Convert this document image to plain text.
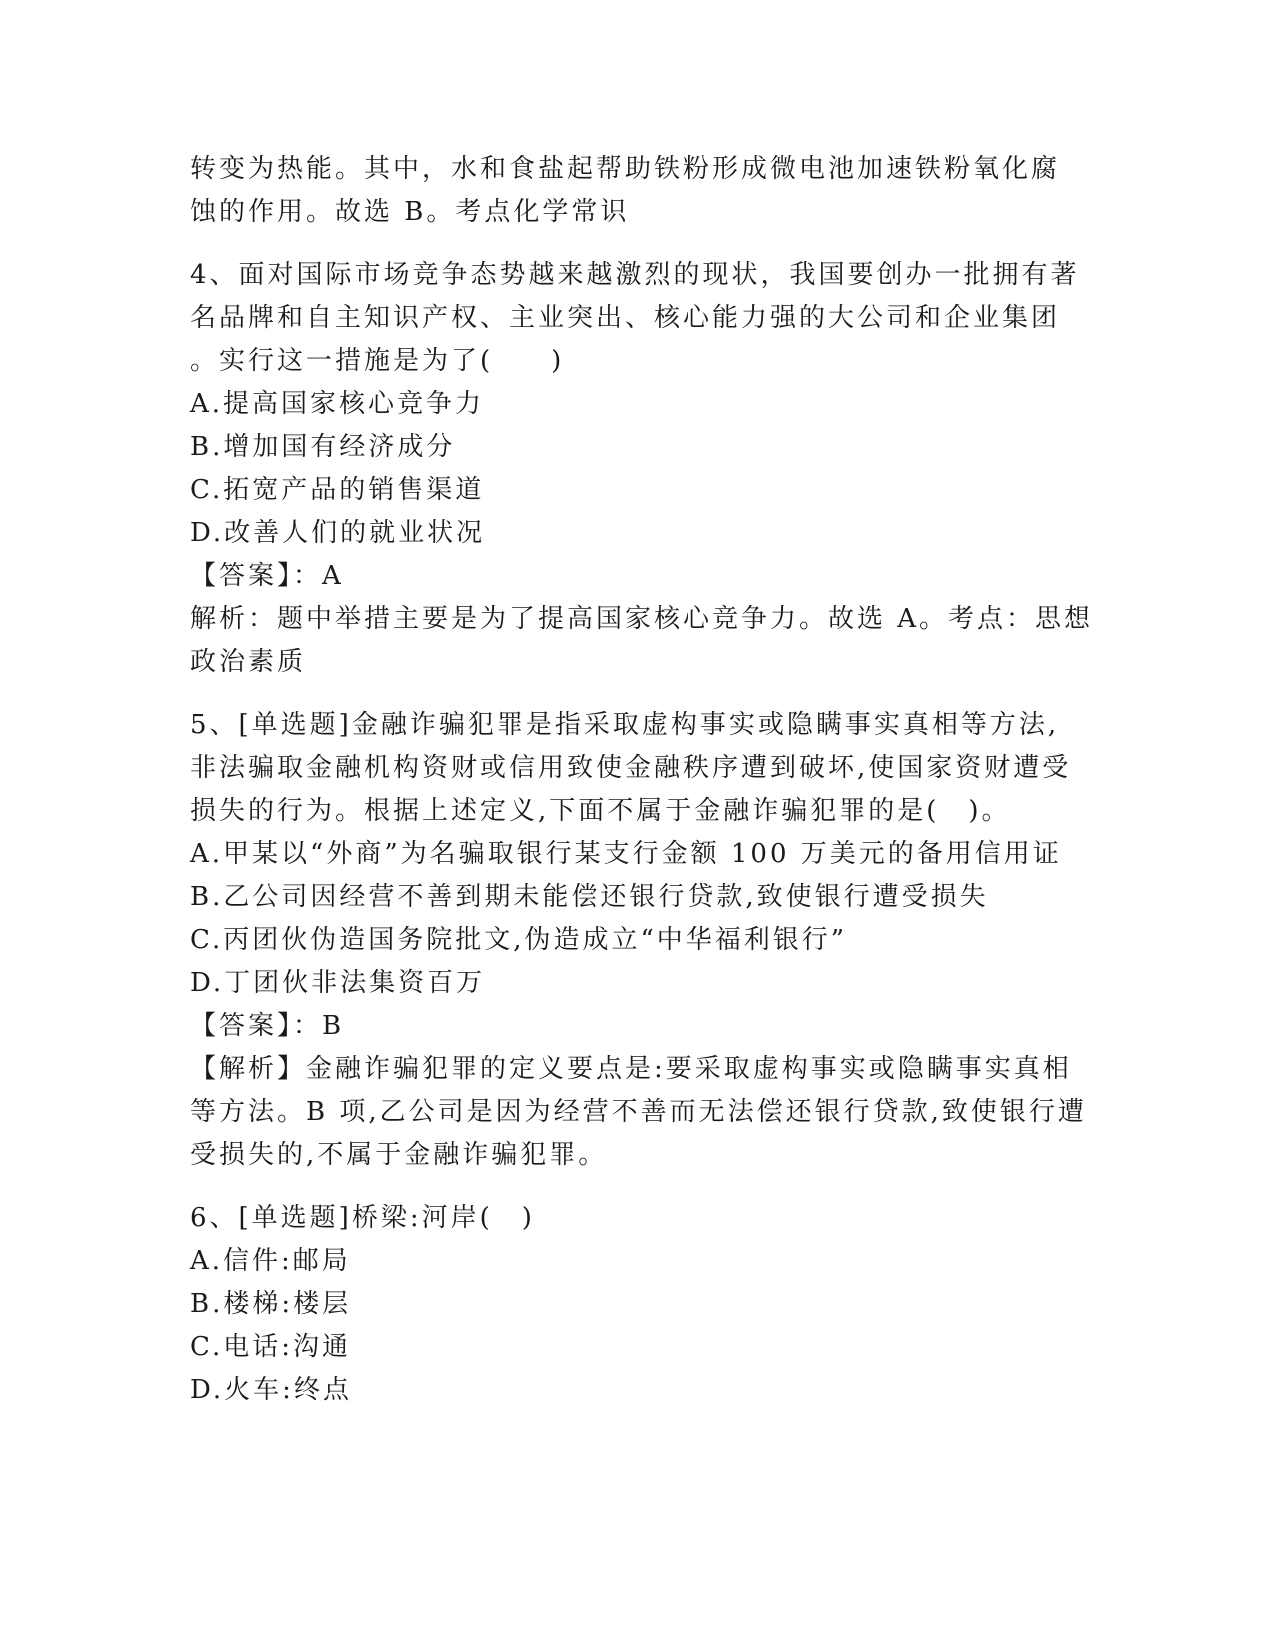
转变为热能。其中，水和食盐起帮助铁粉形成微电池加速铁粉氧化腐
蚀的作用。故选 B。考点化学常识
4、面对国际市场竞争态势越来越激烈的现状，我国要创办一批拥有著
名品牌和自主知识产权、主业突出、核心能力强的大公司和企业集团
。实行这一措施是为了(　　)
A.提高国家核心竞争力
B.增加国有经济成分
C.拓宽产品的销售渠道
D.改善人们的就业状况
【答案】：A
解析：题中举措主要是为了提高国家核心竞争力。故选 A。考点：思想
政治素质
5、[单选题]金融诈骗犯罪是指采取虚构事实或隐瞒事实真相等方法,
非法骗取金融机构资财或信用致使金融秩序遭到破坏,使国家资财遭受
损失的行为。根据上述定义,下面不属于金融诈骗犯罪的是(　)。
A.甲某以“外商”为名骗取银行某支行金额 100 万美元的备用信用证
B.乙公司因经营不善到期未能偿还银行贷款,致使银行遭受损失
C.丙团伙伪造国务院批文,伪造成立“中华福利银行”
D.丁团伙非法集资百万
【答案】：B
【解析】金融诈骗犯罪的定义要点是:要采取虚构事实或隐瞒事实真相
等方法。B 项,乙公司是因为经营不善而无法偿还银行贷款,致使银行遭
受损失的,不属于金融诈骗犯罪。
6、[单选题]桥梁:河岸(　)
A.信件:邮局
B.楼梯:楼层
C.电话:沟通
D.火车:终点
